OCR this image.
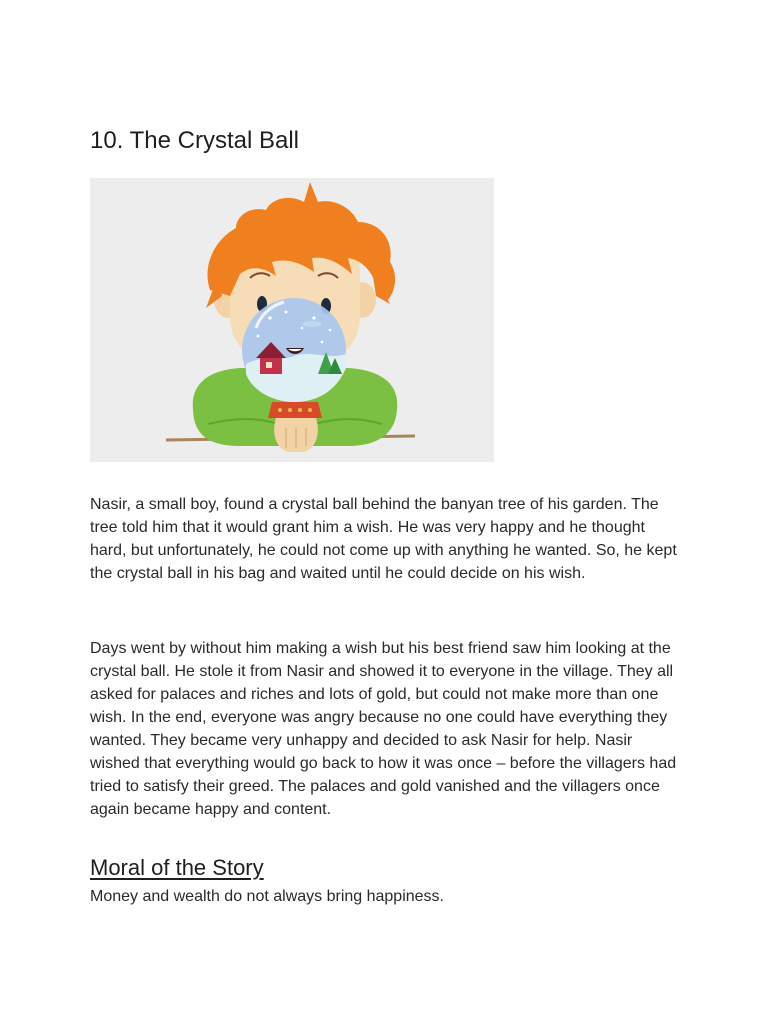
10. The Crystal Ball

Nasir, a small boy, found a crystal ball behind the banyan tree of his garden. The tree told him that it would grant him a wish. He was very happy and he thought hard, but unfortunately, he could not come up with anything he wanted. So, he kept the crystal ball in his bag and waited until he could decide on his wish.

Days went by without him making a wish but his best friend saw him looking at the crystal ball. He stole it from Nasir and showed it to everyone in the village. They all asked for palaces and riches and lots of gold, but could not make more than one wish. In the end, everyone was angry because no one could have everything they wanted. They became very unhappy and decided to ask Nasir for help. Nasir wished that everything would go back to how it was once – before the villagers had tried to satisfy their greed. The palaces and gold vanished and the villagers once again became happy and content.

Moral of the Story

Money and wealth do not always bring happiness.
